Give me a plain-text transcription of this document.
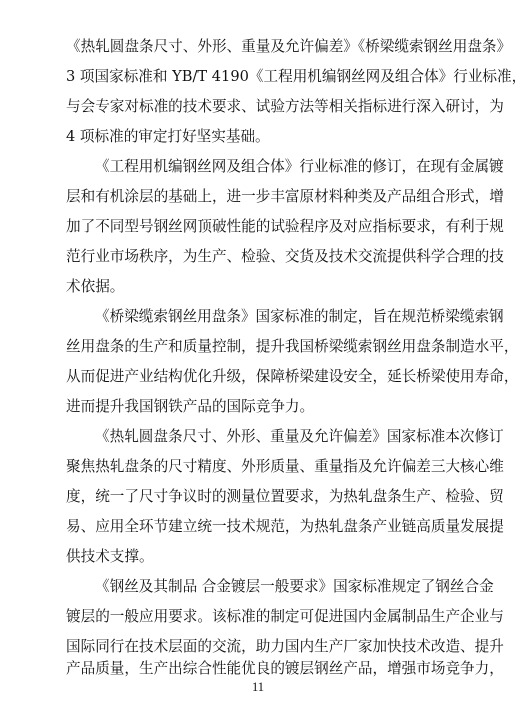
《热轧圆盘条尺寸、外形、重量及允许偏差》《桥梁缆索钢丝用盘条》
3 项国家标准和 YB/T 4190《工程用机编钢丝网及组合体》行业标准，
与会专家对标准的技术要求、试验方法等相关指标进行深入研讨，为
4 项标准的审定打好坚实基础。
《工程用机编钢丝网及组合体》行业标准的修订，在现有金属镀
层和有机涂层的基础上，进一步丰富原材料种类及产品组合形式，增
加了不同型号钢丝网顶破性能的试验程序及对应指标要求，有利于规
范行业市场秩序，为生产、检验、交货及技术交流提供科学合理的技
术依据。
《桥梁缆索钢丝用盘条》国家标准的制定，旨在规范桥梁缆索钢
丝用盘条的生产和质量控制，提升我国桥梁缆索钢丝用盘条制造水平，
从而促进产业结构优化升级，保障桥梁建设安全，延长桥梁使用寿命，
进而提升我国钢铁产品的国际竞争力。
《热轧圆盘条尺寸、外形、重量及允许偏差》国家标准本次修订
聚焦热轧盘条的尺寸精度、外形质量、重量指及允许偏差三大核心维
度，统一了尺寸争议时的测量位置要求，为热轧盘条生产、检验、贸
易、应用全环节建立统一技术规范，为热轧盘条产业链高质量发展提
供技术支撑。
《钢丝及其制品 合金镀层一般要求》国家标准规定了钢丝合金
镀层的一般应用要求。该标准的制定可促进国内金属制品生产企业与
国际同行在技术层面的交流，助力国内生产厂家加快技术改造、提升
产品质量，生产出综合性能优良的镀层钢丝产品，增强市场竞争力，
11
